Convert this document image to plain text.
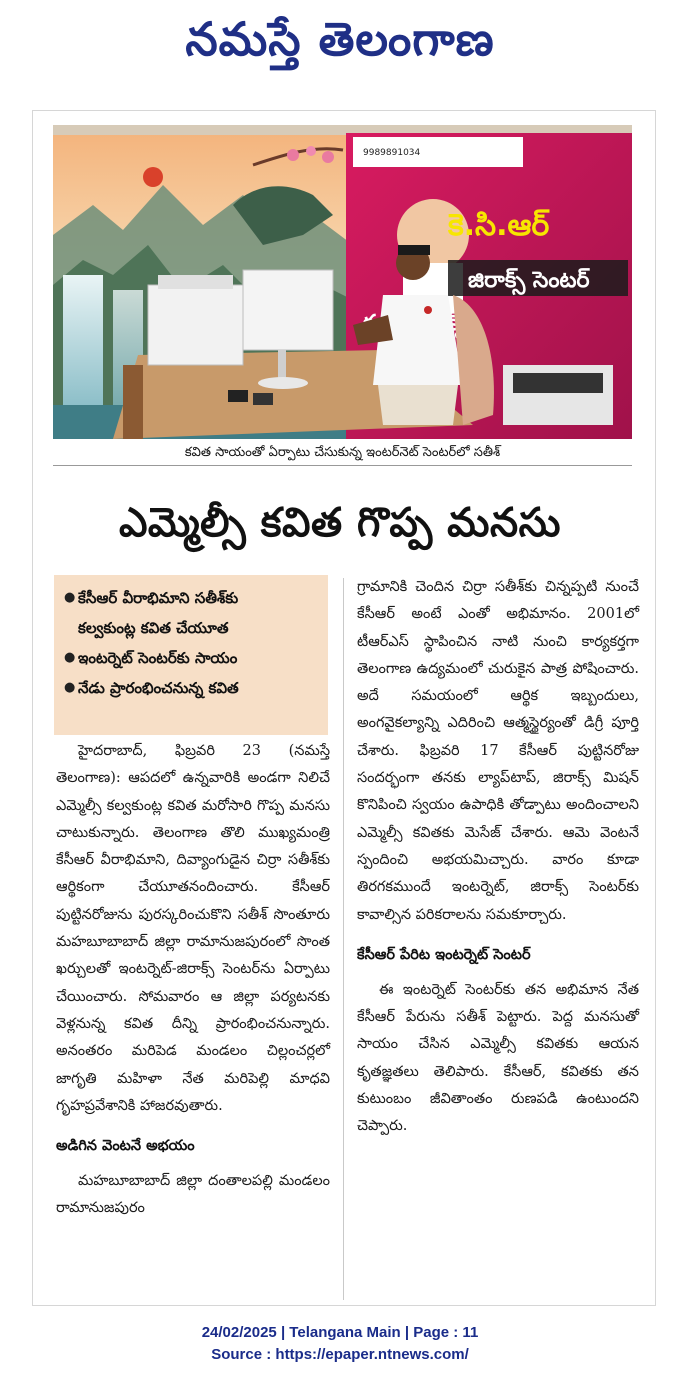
నమస్తే తెలంగాణ
9989891034
కె.సి.ఆర్
జిరాక్స్ సెంటర్
కవిత సాయంతో ఏర్పాటు చేసుకున్న ఇంటర్‌నెట్ సెంటర్‌లో సతీశ్
ఎమ్మెల్సీ కవిత గొప్ప మనసు
● కేసీఆర్ వీరాభిమాని సతీశ్‌కు
కల్వకుంట్ల కవిత చేయూత
● ఇంటర్నెట్ సెంటర్‌కు సాయం
● నేడు ప్రారంభించనున్న కవిత

హైదరాబాద్, ఫిబ్రవరి 23 (నమస్తే తెలంగాణ): ఆపదలో ఉన్నవారికి అండగా నిలిచే ఎమ్మెల్సీ కల్వకుంట్ల కవిత మరోసారి గొప్ప మనసు చాటుకున్నారు. తెలంగాణ తొలి ముఖ్యమంత్రి కేసీఆర్ వీరాభిమాని, దివ్యాంగుడైన చిర్రా సతీశ్‌కు ఆర్థికంగా చేయూతనందించారు. కేసీఆర్ పుట్టినరోజును పురస్కరించుకొని సతీశ్ సొంతూరు మహబూబాబాద్ జిల్లా రామానుజపురంలో సొంత ఖర్చులతో ఇంటర్నెట్-జిరాక్స్ సెంటర్‌ను ఏర్పాటు చేయించారు. సోమవారం ఆ జిల్లా పర్యటనకు వెళ్లనున్న కవిత దీన్ని ప్రారంభించనున్నారు. అనంతరం మరిపెడ మండలం చిల్లంచర్లలో జాగృతి మహిళా నేత మరిపెల్లి మాధవి గృహప్రవేశానికి హాజరవుతారు.

అడిగిన వెంటనే అభయం

మహబూబాబాద్ జిల్లా దంతాలపల్లి మండలం రామానుజపురం

గ్రామానికి చెందిన చిర్రా సతీశ్‌కు చిన్నప్పటి నుంచే కేసీఆర్ అంటే ఎంతో అభిమానం. 2001లో టీఆర్‌ఎస్ స్థాపించిన నాటి నుంచి కార్యకర్తగా తెలంగాణ ఉద్యమంలో చురుకైన పాత్ర పోషించారు. అదే సమయంలో ఆర్థిక ఇబ్బందులు, అంగవైకల్యాన్ని ఎదిరించి ఆత్మస్థైర్యంతో డిగ్రీ పూర్తి చేశారు. ఫిబ్రవరి 17 కేసీఆర్ పుట్టినరోజు సందర్భంగా తనకు ల్యాప్‌టాప్, జిరాక్స్ మిషన్ కొనిపించి స్వయం ఉపాధికి తోడ్పాటు అందించాలని ఎమ్మెల్సీ కవితకు మెసేజ్ చేశారు. ఆమె వెంటనే స్పందించి అభయమిచ్చారు. వారం కూడా తిరగకముందే ఇంటర్నెట్, జిరాక్స్ సెంటర్‌కు కావాల్సిన పరికరాలను సమకూర్చారు.

కేసీఆర్ పేరిట ఇంటర్నెట్ సెంటర్

ఈ ఇంటర్నెట్ సెంటర్‌కు తన అభిమాన నేత కేసీఆర్ పేరును సతీశ్ పెట్టారు. పెద్ద మనసుతో సాయం చేసిన ఎమ్మెల్సీ కవితకు ఆయన కృతజ్ఞతలు తెలిపారు. కేసీఆర్, కవితకు తన కుటుంబం జీవితాంతం రుణపడి ఉంటుందని చెప్పారు.

24/02/2025 | Telangana Main | Page : 11
Source : https://epaper.ntnews.com/
